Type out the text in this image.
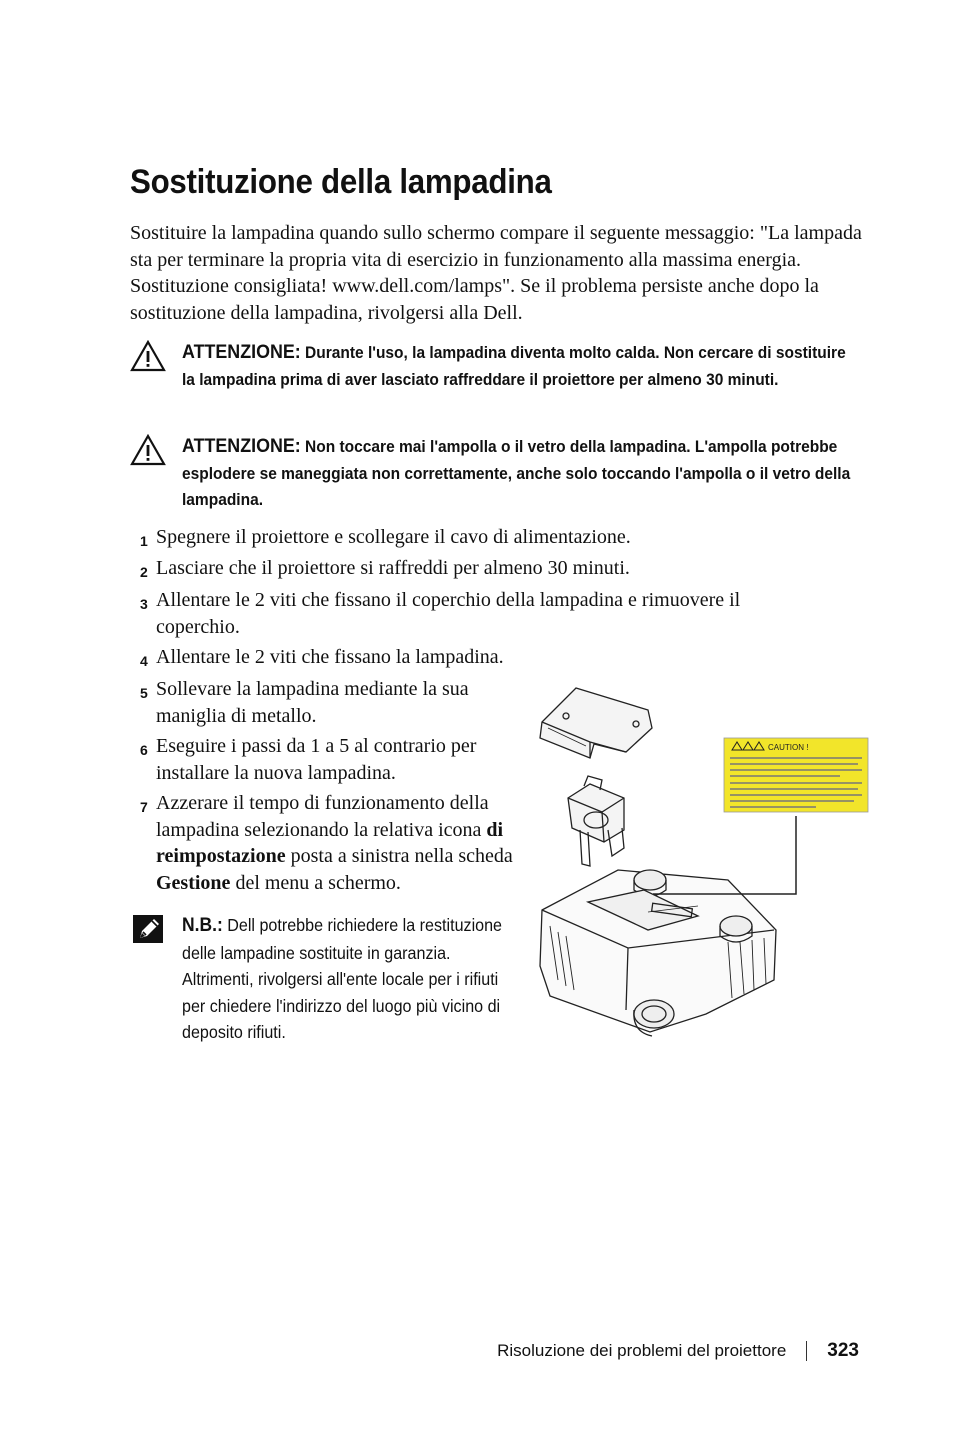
Sostituzione della lampadina

Sostituire la lampadina quando sullo schermo compare il seguente messaggio: "La lampada sta per terminare la propria vita di esercizio in funzionamento alla massima energia. Sostituzione consigliata! www.dell.com/lamps". Se il problema persiste anche dopo la sostituzione della lampadina, rivolgersi alla Dell.

ATTENZIONE: Durante l'uso, la lampadina diventa molto calda. Non cercare di sostituire la lampadina prima di aver lasciato raffreddare il proiettore per almeno 30 minuti.
ATTENZIONE: Non toccare mai l'ampolla o il vetro della lampadina. L'ampolla potrebbe esplodere se maneggiata non correttamente, anche solo toccando l'ampolla o il vetro della lampadina.
1 Spegnere il proiettore e scollegare il cavo di alimentazione.
2 Lasciare che il proiettore si raffreddi per almeno 30 minuti.
3 Allentare le 2 viti che fissano il coperchio della lampadina e rimuovere il coperchio.
4 Allentare le 2 viti che fissano la lampadina.
5 Sollevare la lampadina mediante la sua maniglia di metallo.
6 Eseguire i passi da 1 a 5 al contrario per installare la nuova lampadina.
7 Azzerare il tempo di funzionamento della lampadina selezionando la relativa icona di reimpostazione posta a sinistra nella scheda Gestione del menu a schermo.
N.B.: Dell potrebbe richiedere la restituzione delle lampadine sostituite in garanzia. Altrimenti, rivolgersi all'ente locale per i rifiuti per chiedere l'indirizzo del luogo più vicino di deposito rifiuti.
CAUTION !
Risoluzione dei problemi del proiettore 323
